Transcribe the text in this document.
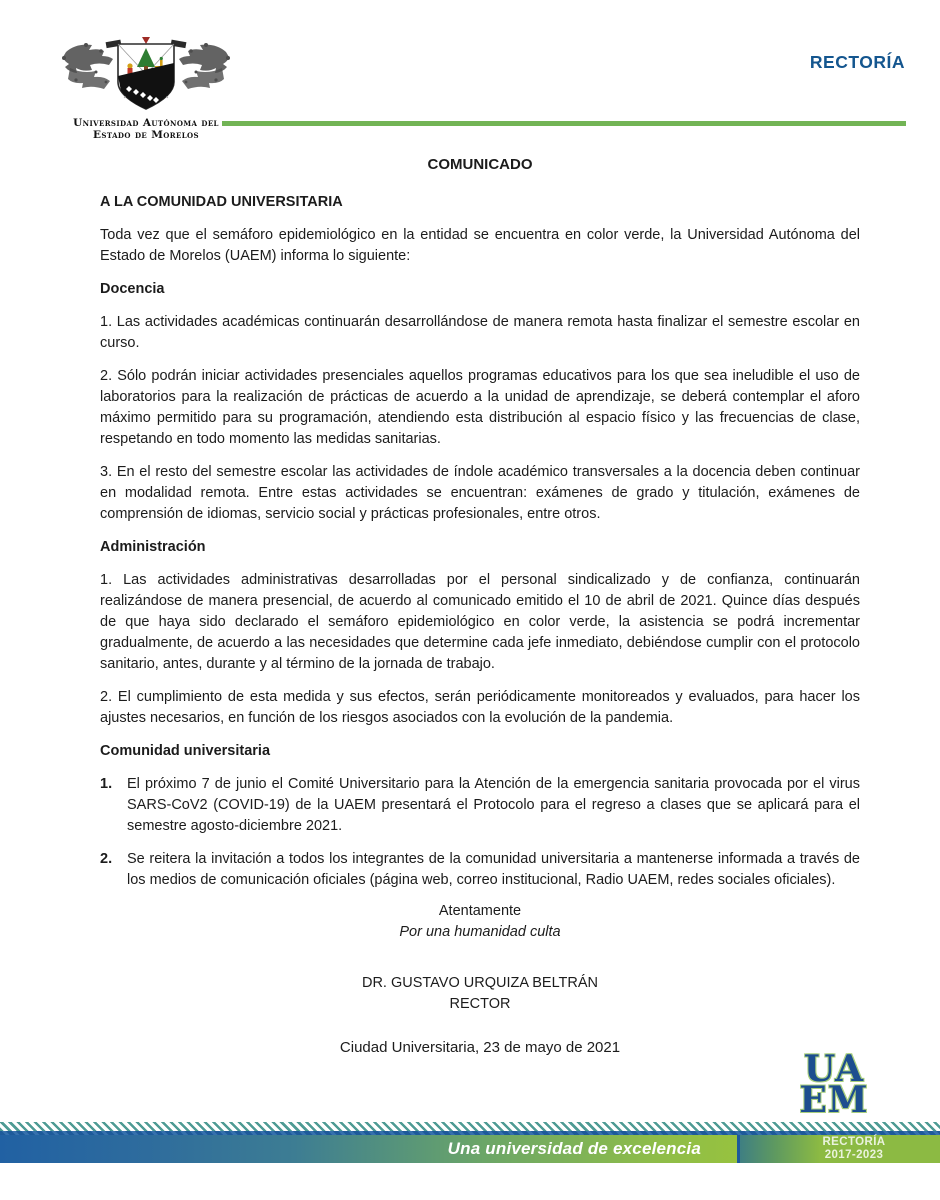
Universidad Autónoma del
Estado de Morelos
RECTORÍA
COMUNICADO

A LA COMUNIDAD UNIVERSITARIA

Toda vez que el semáforo epidemiológico en la entidad se encuentra en color verde, la Universidad Autónoma del Estado de Morelos (UAEM) informa lo siguiente:

Docencia

1. Las actividades académicas continuarán desarrollándose de manera remota hasta finalizar el semestre escolar en curso.

2. Sólo podrán iniciar actividades presenciales aquellos programas educativos para los que sea ineludible el uso de laboratorios para la realización de prácticas de acuerdo a la unidad de aprendizaje, se deberá contemplar el aforo máximo permitido para su programación, atendiendo esta distribución al espacio físico y las frecuencias de clase, respetando en todo momento las medidas sanitarias.

3. En el resto del semestre escolar las actividades de índole académico transversales a la docencia deben continuar en modalidad remota. Entre estas actividades se encuentran: exámenes de grado y titulación, exámenes de comprensión de idiomas, servicio social y prácticas profesionales, entre otros.

Administración

1. Las actividades administrativas desarrolladas por el personal sindicalizado y de confianza, continuarán realizándose de manera presencial, de acuerdo al comunicado emitido el 10 de abril de 2021. Quince días después de que haya sido declarado el semáforo epidemiológico en color verde, la asistencia se podrá incrementar gradualmente, de acuerdo a las necesidades que determine cada jefe inmediato, debiéndose cumplir con el protocolo sanitario, antes, durante y al término de la jornada de trabajo.

2. El cumplimiento de esta medida y sus efectos, serán periódicamente monitoreados y evaluados, para hacer los ajustes necesarios, en función de los riesgos asociados con la evolución de la pandemia.

Comunidad universitaria

1.	El próximo 7 de junio el Comité Universitario para la Atención de la emergencia sanitaria provocada por el virus SARS-CoV2 (COVID-19) de la UAEM presentará el Protocolo para el regreso a clases que se aplicará para el semestre agosto-diciembre 2021.
2.	Se reitera la invitación a todos los integrantes de la comunidad universitaria a mantenerse informada a través de los medios de comunicación oficiales (página web, correo institucional, Radio UAEM, redes sociales oficiales).

Atentamente

Por una humanidad culta

DR. GUSTAVO URQUIZA BELTRÁN

RECTOR

Ciudad Universitaria, 23 de mayo de 2021

UA
EM
Una universidad de excelencia	RECTORÍA
2017-2023
